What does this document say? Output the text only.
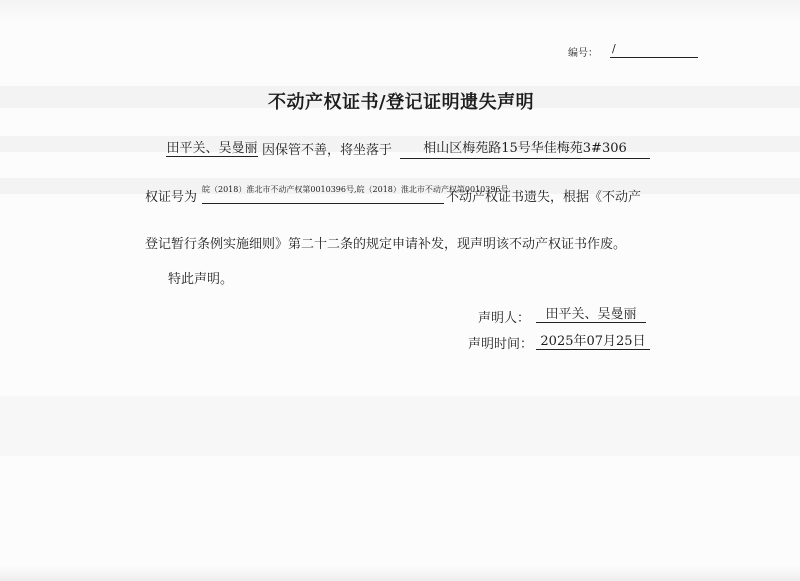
编号： /
不动产权证书/登记证明遗失声明
田平关、吴曼丽 因保管不善，将坐落于	相山区梅苑路15号华佳梅苑3#306
权证号为
皖（2018）淮北市不动产权第0010396号,皖（2018）淮北市不动产权第0010396号
不动产权证书遗失，根据《不动产
登记暂行条例实施细则》第二十二条的规定申请补发，现声明该不动产权证书作废。
特此声明。
声明人：	田平关、吴曼丽
声明时间： 2025年07月25日
